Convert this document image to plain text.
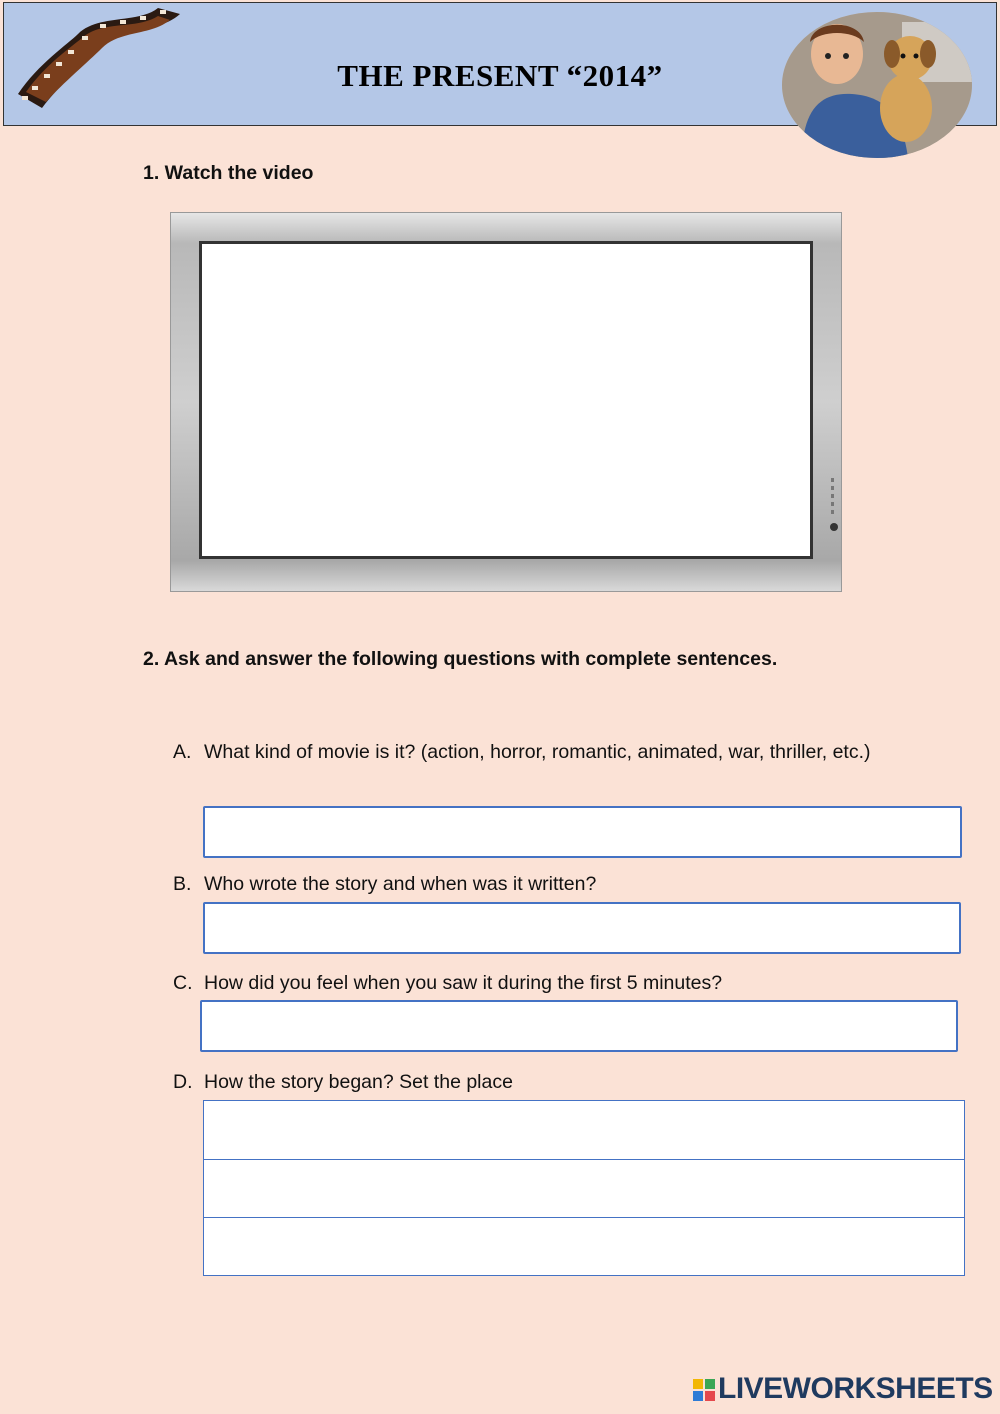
THE PRESENT “2014”
1. Watch the video
2. Ask and answer the following questions with complete sentences.
A. What kind of movie is it? (action, horror, romantic, animated, war, thriller, etc.)
B. Who wrote the story and when was it written?
C. How did you feel when you saw it during the first 5 minutes?
D. How the story began? Set the place
LIVEWORKSHEETS
